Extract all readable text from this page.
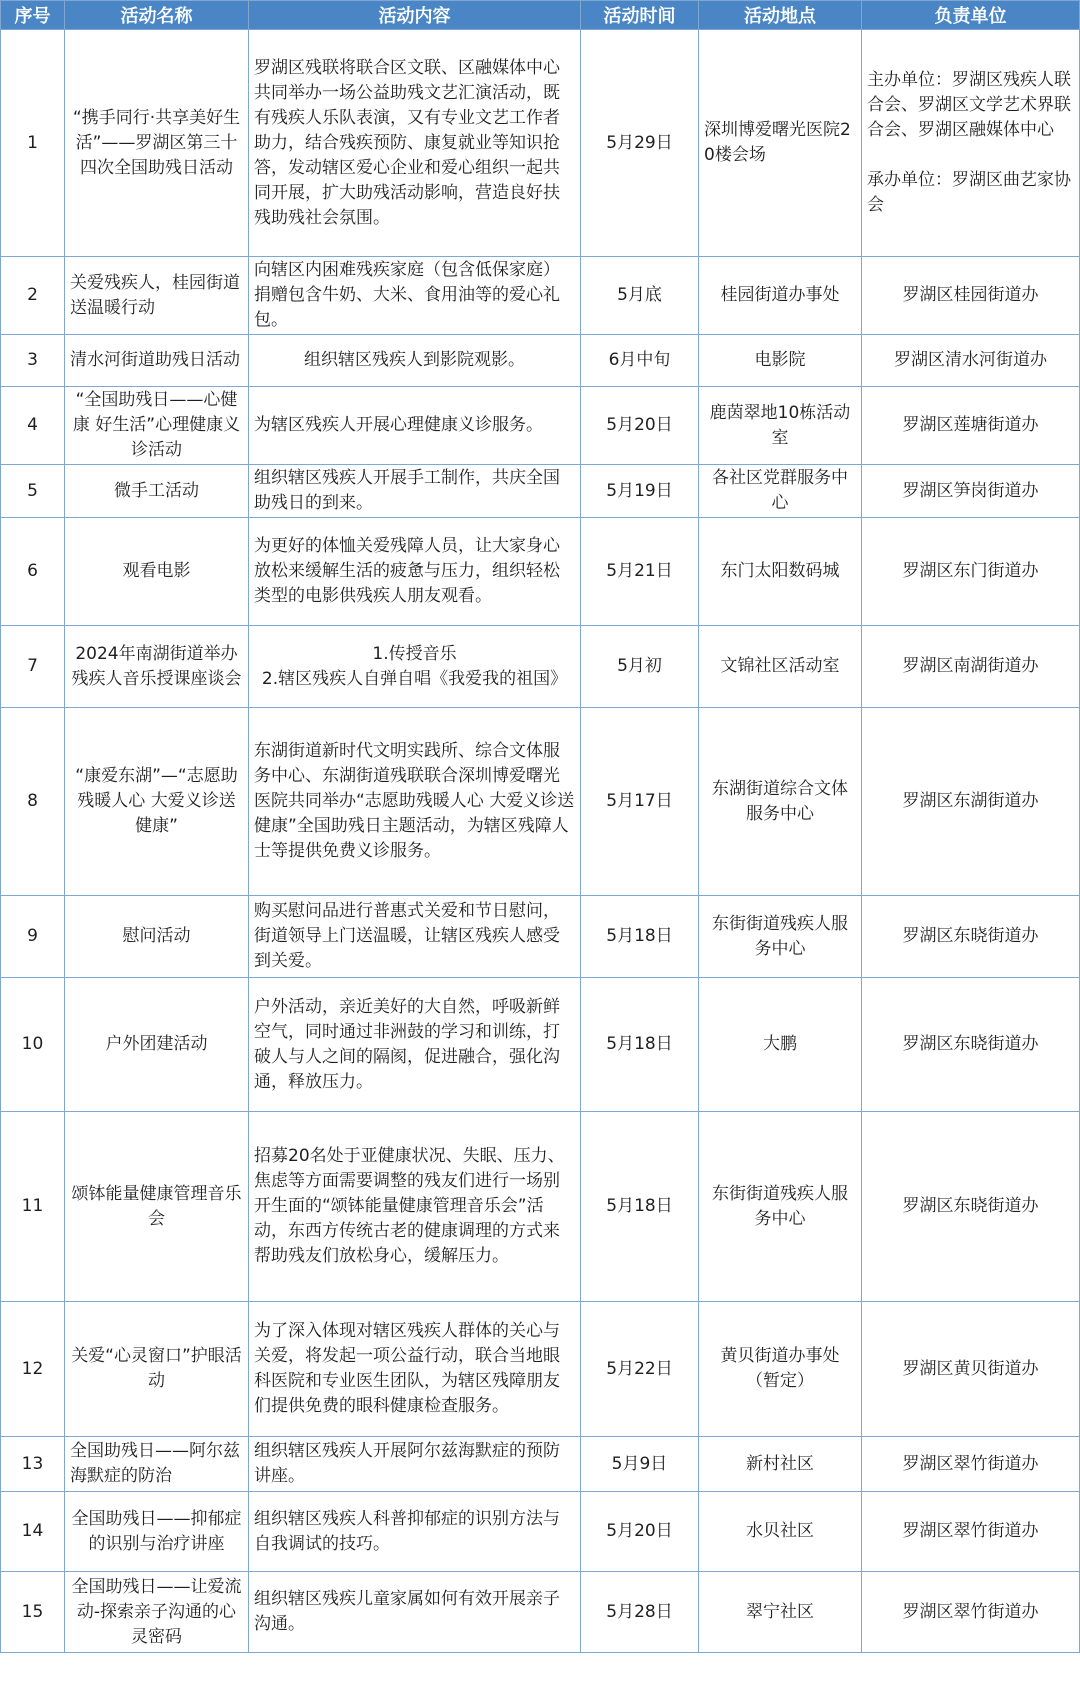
序号	活动名称	活动内容	活动时间	活动地点	负责单位
1	“携手同行·共享美好生活”——罗湖区第三十四次全国助残日活动	罗湖区残联将联合区文联、区融媒体中心共同举办一场公益助残文艺汇演活动，既有残疾人乐队表演，又有专业文艺工作者助力，结合残疾预防、康复就业等知识抢答，发动辖区爱心企业和爱心组织一起共同开展，扩大助残活动影响，营造良好扶残助残社会氛围。	5月29日	深圳博爱曙光医院20楼会场	主办单位：罗湖区残疾人联合会、罗湖区文学艺术界联合会、罗湖区融媒体中心
承办单位：罗湖区曲艺家协会

2	关爱残疾人，桂园街道送温暖行动	向辖区内困难残疾家庭（包含低保家庭）捐赠包含牛奶、大米、食用油等的爱心礼包。	5月底	桂园街道办事处	罗湖区桂园街道办
3	清水河街道助残日活动	组织辖区残疾人到影院观影。	6月中旬	电影院	罗湖区清水河街道办
4	“全国助残日——心健康 好生活”心理健康义诊活动	为辖区残疾人开展心理健康义诊服务。	5月20日	鹿茵翠地10栋活动室	罗湖区莲塘街道办
5	微手工活动	组织辖区残疾人开展手工制作，共庆全国助残日的到来。	5月19日	各社区党群服务中心	罗湖区笋岗街道办
6	观看电影	为更好的体恤关爱残障人员，让大家身心放松来缓解生活的疲惫与压力，组织轻松类型的电影供残疾人朋友观看。	5月21日	东门太阳数码城	罗湖区东门街道办
7	2024年南湖街道举办残疾人音乐授课座谈会	1.传授音乐
2.辖区残疾人自弹自唱《我爱我的祖国》	5月初	文锦社区活动室	罗湖区南湖街道办
8	“康爱东湖”—“志愿助残暖人心 大爱义诊送健康”	东湖街道新时代文明实践所、综合文体服务中心、东湖街道残联联合深圳博爱曙光医院共同举办“志愿助残暖人心 大爱义诊送健康”全国助残日主题活动，为辖区残障人士等提供免费义诊服务。	5月17日	东湖街道综合文体服务中心	罗湖区东湖街道办
9	慰问活动	购买慰问品进行普惠式关爱和节日慰问，街道领导上门送温暖，让辖区残疾人感受到关爱。	5月18日	东街街道残疾人服务中心	罗湖区东晓街道办
10	户外团建活动	户外活动，亲近美好的大自然，呼吸新鲜空气，同时通过非洲鼓的学习和训练，打破人与人之间的隔阂，促进融合，强化沟通，释放压力。	5月18日	大鹏	罗湖区东晓街道办
11	颂钵能量健康管理音乐会	招募20名处于亚健康状况、失眠、压力、焦虑等方面需要调整的残友们进行一场别开生面的“颂钵能量健康管理音乐会”活动，东西方传统古老的健康调理的方式来帮助残友们放松身心，缓解压力。	5月18日	东街街道残疾人服务中心	罗湖区东晓街道办
12	关爱“心灵窗口”护眼活动	为了深入体现对辖区残疾人群体的关心与关爱，将发起一项公益行动，联合当地眼科医院和专业医生团队，为辖区残障朋友们提供免费的眼科健康检查服务。	5月22日	黄贝街道办事处（暂定）	罗湖区黄贝街道办
13	全国助残日——阿尔兹海默症的防治	组织辖区残疾人开展阿尔兹海默症的预防讲座。	5月9日	新村社区	罗湖区翠竹街道办
14	全国助残日——抑郁症的识别与治疗讲座	组织辖区残疾人科普抑郁症的识别方法与自我调试的技巧。	5月20日	水贝社区	罗湖区翠竹街道办
15	全国助残日——让爱流动-探索亲子沟通的心灵密码	组织辖区残疾儿童家属如何有效开展亲子沟通。	5月28日	翠宁社区	罗湖区翠竹街道办
